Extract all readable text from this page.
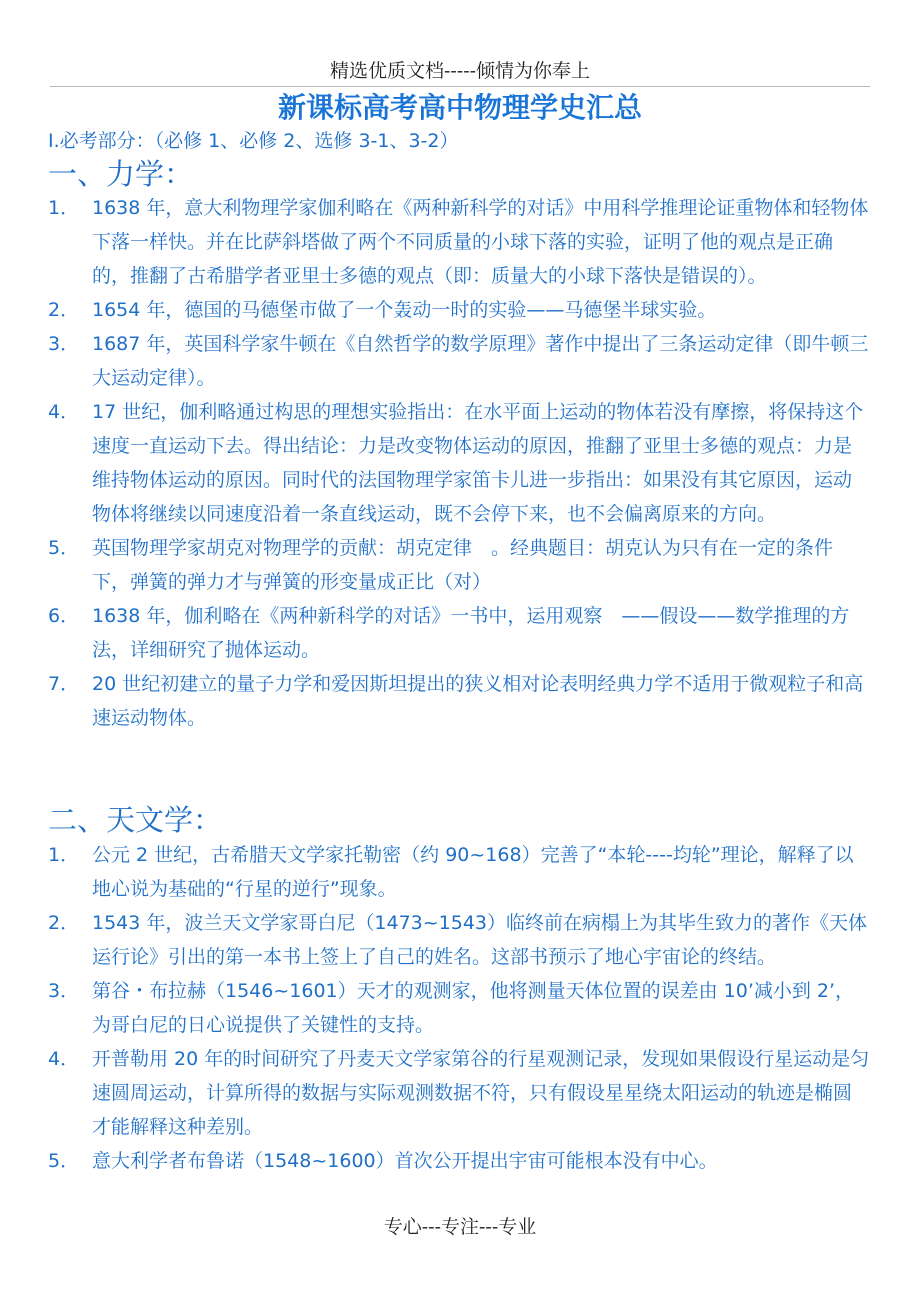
精选优质文档-----倾情为你奉上
新课标高考高中物理学史汇总
Ⅰ.必考部分：（必修 1、必修 2、选修 3-1、3-2）
一、力学：
1． 1638 年，意大利物理学家伽利略在《两种新科学的对话》中用科学推理论证重物体和轻物体下落一样快。并在比萨斜塔做了两个不同质量的小球下落的实验，证明了他的观点是正确的，推翻了古希腊学者亚里士多德的观点（即：质量大的小球下落快是错误的）。
2． 1654 年，德国的马德堡市做了一个轰动一时的实验——马德堡半球实验。
3． 1687 年，英国科学家牛顿在《自然哲学的数学原理》著作中提出了三条运动定律（即牛顿三大运动定律）。
4． 17 世纪，伽利略通过构思的理想实验指出：在水平面上运动的物体若没有摩擦，将保持这个速度一直运动下去。得出结论：力是改变物体运动的原因，推翻了亚里士多德的观点：力是维持物体运动的原因。同时代的法国物理学家笛卡儿进一步指出：如果没有其它原因，运动物体将继续以同速度沿着一条直线运动，既不会停下来，也不会偏离原来的方向。
5． 英国物理学家胡克对物理学的贡献：胡克定律　。经典题目：胡克认为只有在一定的条件下，弹簧的弹力才与弹簧的形变量成正比（对）
6． 1638 年，伽利略在《两种新科学的对话》一书中，运用观察　——假设——数学推理的方法，详细研究了抛体运动。
7． 20 世纪初建立的量子力学和爱因斯坦提出的狭义相对论表明经典力学不适用于微观粒子和高速运动物体。
二、天文学：
1． 公元 2 世纪，古希腊天文学家托勒密（约 90~168）完善了“本轮----均轮”理论，解释了以地心说为基础的“行星的逆行”现象。
2． 1543 年，波兰天文学家哥白尼（1473~1543）临终前在病榻上为其毕生致力的著作《天体运行论》引出的第一本书上签上了自己的姓名。这部书预示了地心宇宙论的终结。
3． 第谷・布拉赫（1546~1601）天才的观测家，他将测量天体位置的误差由 10’减小到 2’，为哥白尼的日心说提供了关键性的支持。
4． 开普勒用 20 年的时间研究了丹麦天文学家第谷的行星观测记录，发现如果假设行星运动是匀速圆周运动，计算所得的数据与实际观测数据不符，只有假设星星绕太阳运动的轨迹是椭圆才能解释这种差别。
5． 意大利学者布鲁诺（1548~1600）首次公开提出宇宙可能根本没有中心。
专心---专注---专业
